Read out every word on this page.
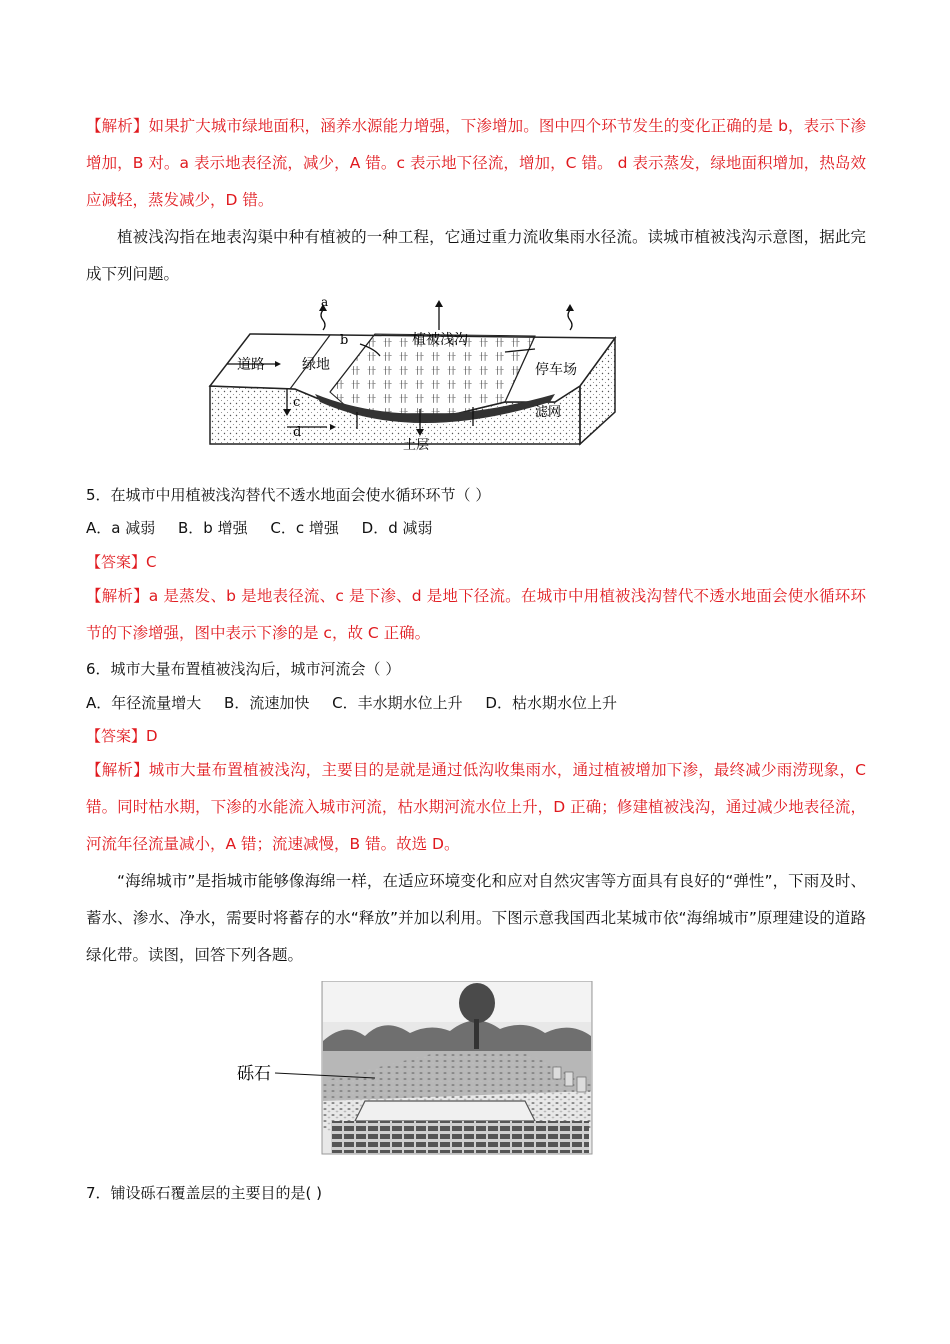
【解析】如果扩大城市绿地面积，涵养水源能力增强，下渗增加。图中四个环节发生的变化正确的是 b，表示下渗增加，B 对。a 表示地表径流，减少，A 错。c 表示地下径流，增加，C 错。 d 表示蒸发，绿地面积增加，热岛效应减轻，蒸发减少，D 错。

植被浅沟指在地表沟渠中种有植被的一种工程，它通过重力流收集雨水径流。读城市植被浅沟示意图，据此完成下列问题。

a
b
c
d
道路	绿地
植被浅沟
停车场
滤网
土层

5．在城市中用植被浅沟替代不透水地面会使水循环环节（ ）

A．a 减弱 B．b 增强 C．c 增强 D．d 减弱

【答案】C

【解析】a 是蒸发、b 是地表径流、c 是下渗、d 是地下径流。在城市中用植被浅沟替代不透水地面会使水循环环节的下渗增强，图中表示下渗的是 c，故 C 正确。

6．城市大量布置植被浅沟后，城市河流会（ ）

A．年径流量增大 B．流速加快 C．丰水期水位上升 D．枯水期水位上升

【答案】D

【解析】城市大量布置植被浅沟，主要目的是就是通过低沟收集雨水，通过植被增加下渗，最终减少雨涝现象，C 错。同时枯水期，下渗的水能流入城市河流，枯水期河流水位上升，D 正确；修建植被浅沟，通过减少地表径流，河流年径流量减小，A 错；流速减慢，B 错。故选 D。

“海绵城市”是指城市能够像海绵一样，在适应环境变化和应对自然灾害等方面具有良好的“弹性”，下雨及时、蓄水、渗水、净水，需要时将蓄存的水“释放”并加以利用。下图示意我国西北某城市依“海绵城市”原理建设的道路绿化带。读图，回答下列各题。

砾石

7．铺设砾石覆盖层的主要目的是( )
